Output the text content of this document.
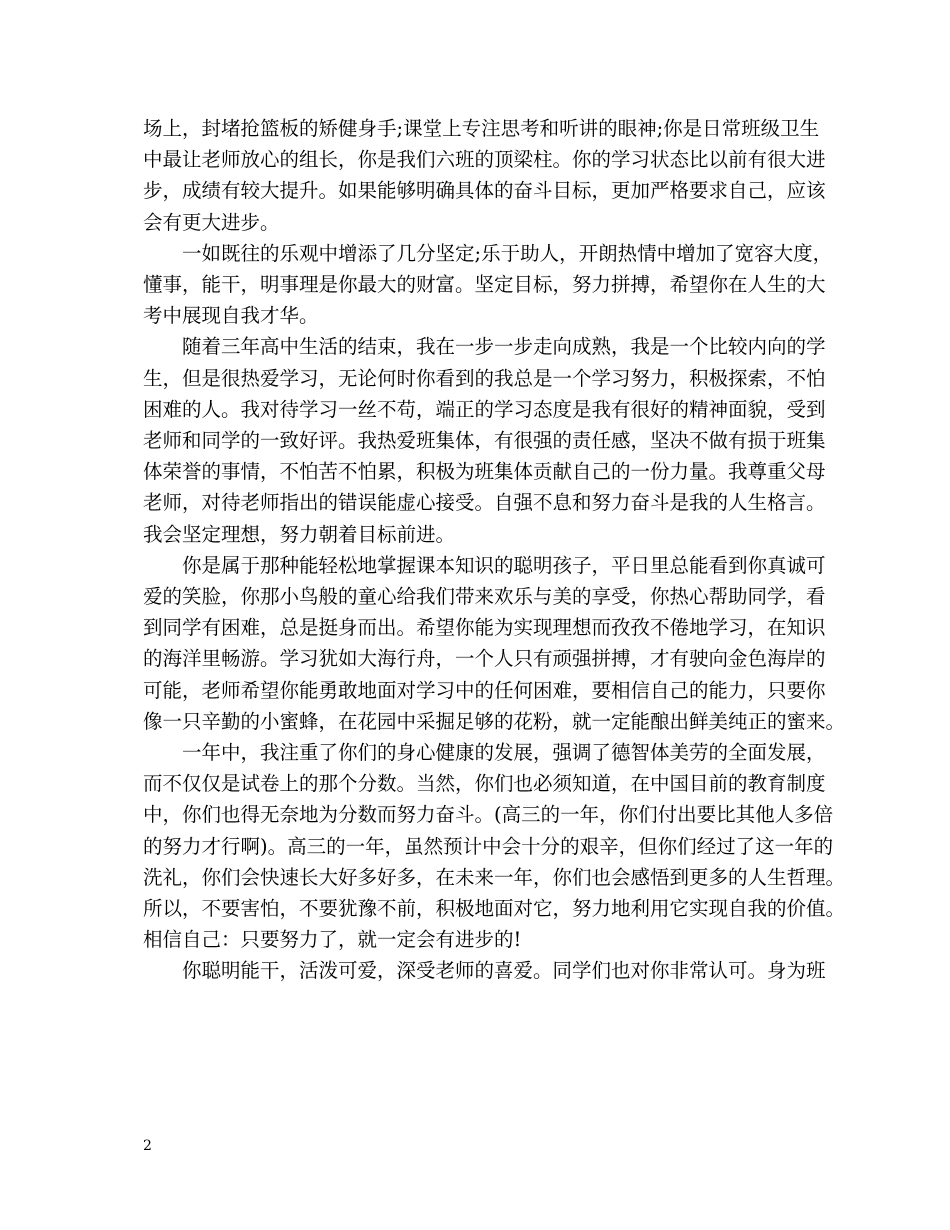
场上，封堵抢篮板的矫健身手;课堂上专注思考和听讲的眼神;你是日常班级卫生
中最让老师放心的组长，你是我们六班的顶梁柱。你的学习状态比以前有很大进
步，成绩有较大提升。如果能够明确具体的奋斗目标，更加严格要求自己，应该
会有更大进步。

一如既往的乐观中增添了几分坚定;乐于助人，开朗热情中增加了宽容大度，
懂事，能干，明事理是你最大的财富。坚定目标，努力拼搏，希望你在人生的大
考中展现自我才华。

随着三年高中生活的结束，我在一步一步走向成熟，我是一个比较内向的学
生，但是很热爱学习，无论何时你看到的我总是一个学习努力，积极探索，不怕
困难的人。我对待学习一丝不苟，端正的学习态度是我有很好的精神面貌，受到
老师和同学的一致好评。我热爱班集体，有很强的责任感，坚决不做有损于班集
体荣誉的事情，不怕苦不怕累，积极为班集体贡献自己的一份力量。我尊重父母
老师，对待老师指出的错误能虚心接受。自强不息和努力奋斗是我的人生格言。
我会坚定理想，努力朝着目标前进。

你是属于那种能轻松地掌握课本知识的聪明孩子，平日里总能看到你真诚可
爱的笑脸，你那小鸟般的童心给我们带来欢乐与美的享受，你热心帮助同学，看
到同学有困难，总是挺身而出。希望你能为实现理想而孜孜不倦地学习，在知识
的海洋里畅游。学习犹如大海行舟，一个人只有顽强拼搏，才有驶向金色海岸的
可能，老师希望你能勇敢地面对学习中的任何困难，要相信自己的能力，只要你
像一只辛勤的小蜜蜂，在花园中采掘足够的花粉，就一定能酿出鲜美纯正的蜜来。

一年中，我注重了你们的身心健康的发展，强调了德智体美劳的全面发展，
而不仅仅是试卷上的那个分数。当然，你们也必须知道，在中国目前的教育制度
中，你们也得无奈地为分数而努力奋斗。(高三的一年，你们付出要比其他人多倍
的努力才行啊)。高三的一年，虽然预计中会十分的艰辛，但你们经过了这一年的
洗礼，你们会快速长大好多好多，在未来一年，你们也会感悟到更多的人生哲理。
所以，不要害怕，不要犹豫不前，积极地面对它，努力地利用它实现自我的价值。
相信自己：只要努力了，就一定会有进步的!

你聪明能干，活泼可爱，深受老师的喜爱。同学们也对你非常认可。身为班

2
